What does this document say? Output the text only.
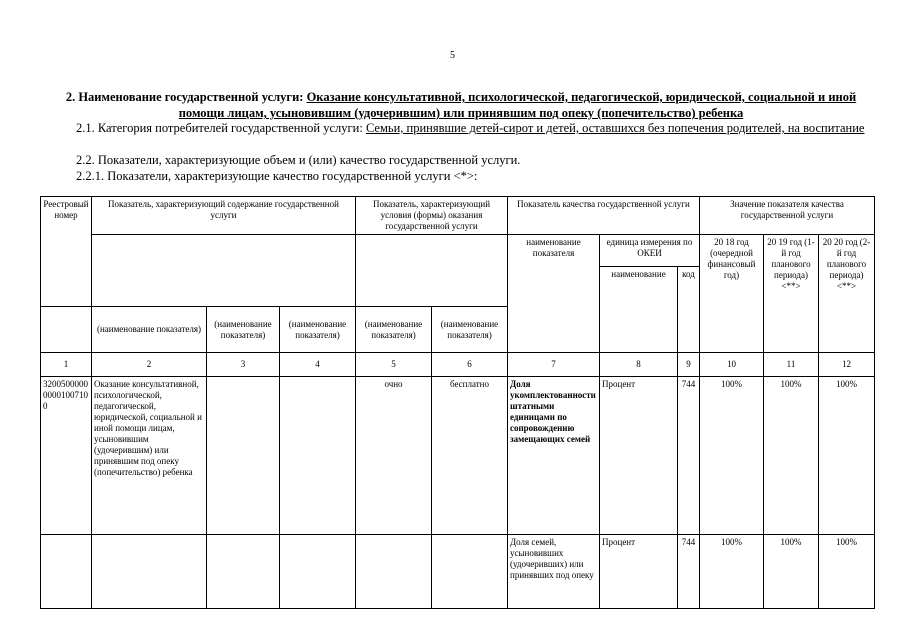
5
2. Наименование государственной услуги: Оказание консультативной, психологической, педагогической, юридической, социальной и иной помощи лицам, усыновившим (удочерившим) или принявшим под опеку (попечительство) ребенка
2.1. Категория потребителей государственной услуги: Семьи, принявшие детей-сирот и детей, оставшихся без попечения родителей, на воспитание
2.2. Показатели, характеризующие объем и (или) качество государственной услуги.
2.2.1. Показатели, характеризующие качество государственной услуги <*>:
Реестровый номер	Показатель, характеризующий содержание государственной услуги			Показатель, характеризующий условия (формы) оказания государственной услуги		Показатель качества государственной услуги			Значение показателя качества государственной услуги		
						наименование показателя	единица измерения по ОКЕИ		20 18 год (очередной финансовый год)	20 19 год (1-й год планового периода) <**>	20 20 год (2-й год планового периода) <**>
							наименование	код			
	(наименование показателя)	(наименование показателя)	(наименование показателя)	(наименование показателя)	(наименование показателя)						
1	2	3	4	5	6	7	8	9	10	11	12
320050000000001007100	Оказание консультативной, психологической, педагогической, юридической, социальной и иной помощи лицам, усыновившим (удочерившим) или принявшим под опеку (попечительство) ребенка			очно	бесплатно	Доля укомплектованности штатными единицами по сопровождению замещающих семей	Процент	744	100%	100%	100%
						Доля семей, усыновивших (удочеривших) или принявших под опеку	Процент	744	100%	100%	100%
